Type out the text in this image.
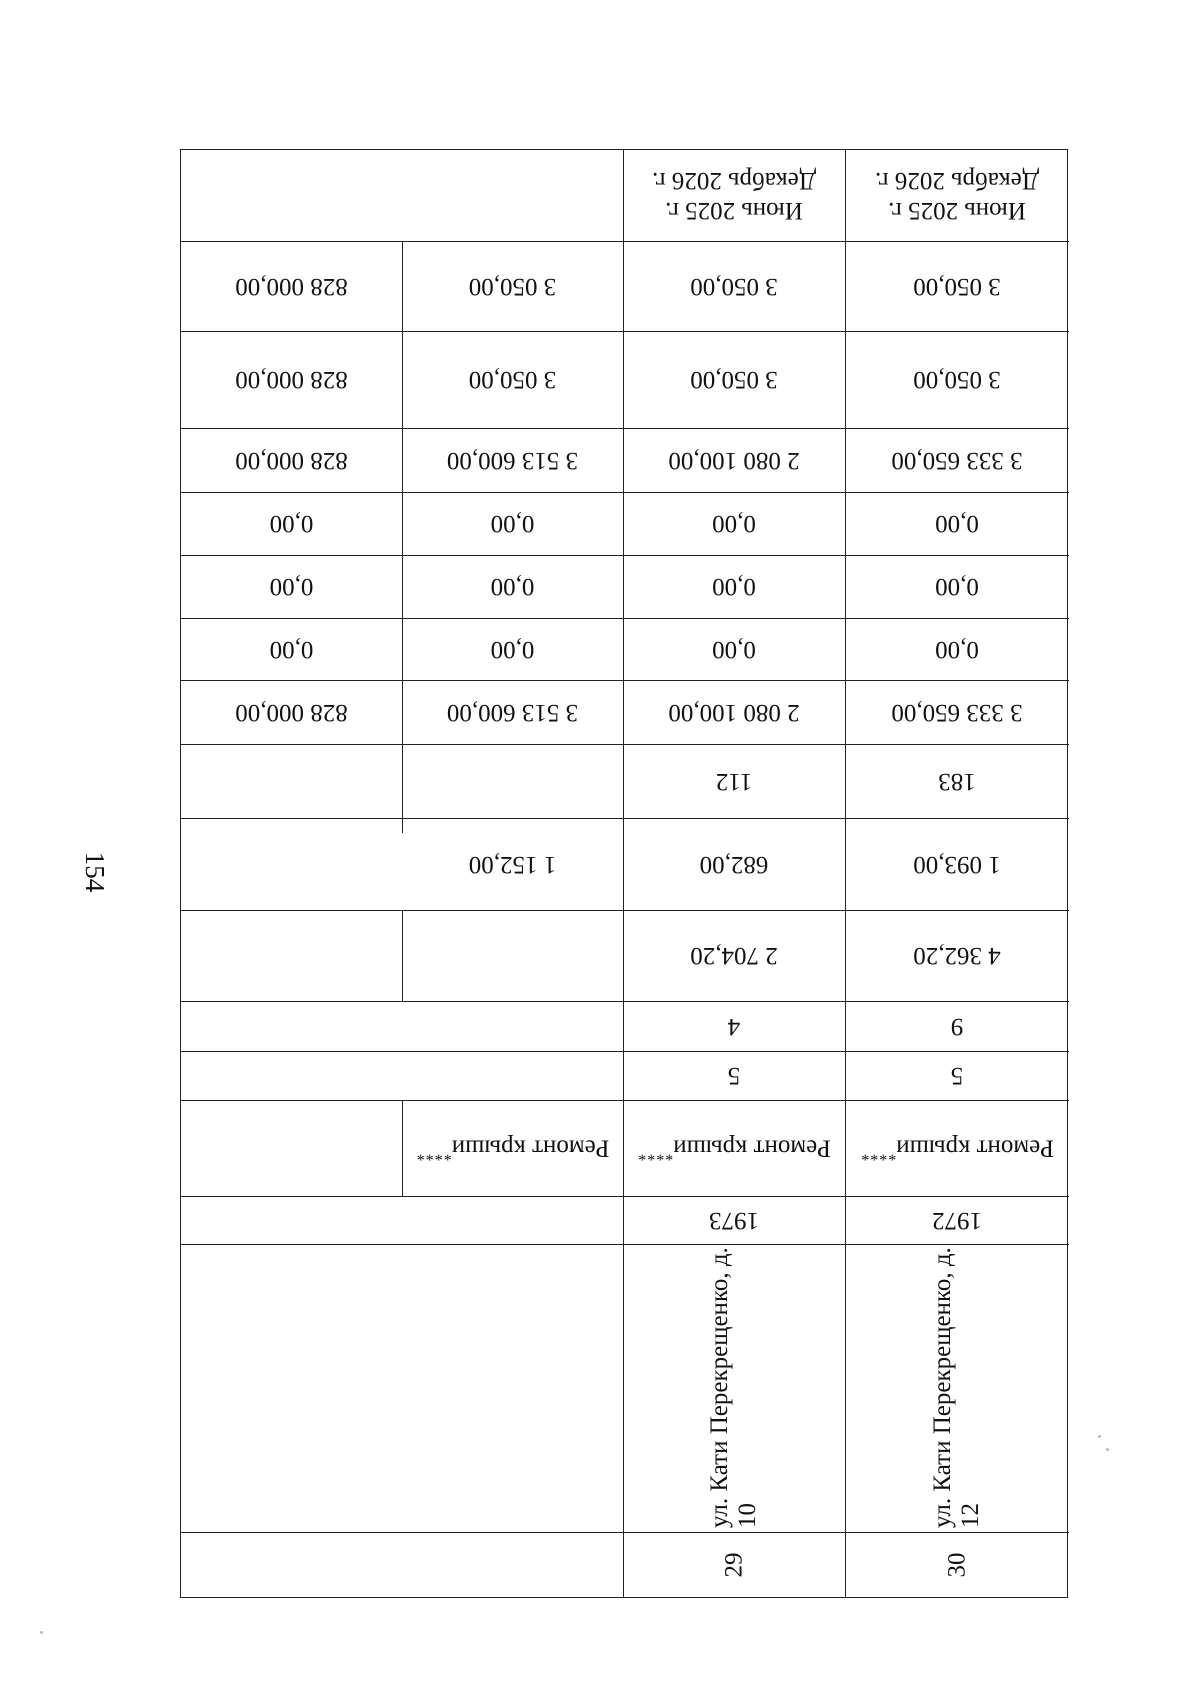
154
Июнь 2025 г.
Декабрь 2026 г.
3 050,00
3 050,00
3 333 650,00
0,00
0,00
0,00
3 333 650,00
183
1 093,00
4 362,20
9
5
Ремонт крыши****
1972
ул. Кати Перекрещенко, д. 12
30
Июнь 2025 г.
Декабрь 2026 г.
3 050,00
3 050,00
2 080 100,00
0,00
0,00
0,00
2 080 100,00
112
682,00
2 704,20
4
5
Ремонт крыши****
1973
ул. Кати Перекрещенко, д. 10
29
3 050,00
3 050,00
3 513 600,00
0,00
0,00
0,00
3 513 600,00
1 152,00
Ремонт крыши****
828 000,00
828 000,00
828 000,00
0,00
0,00
0,00
828 000,00
